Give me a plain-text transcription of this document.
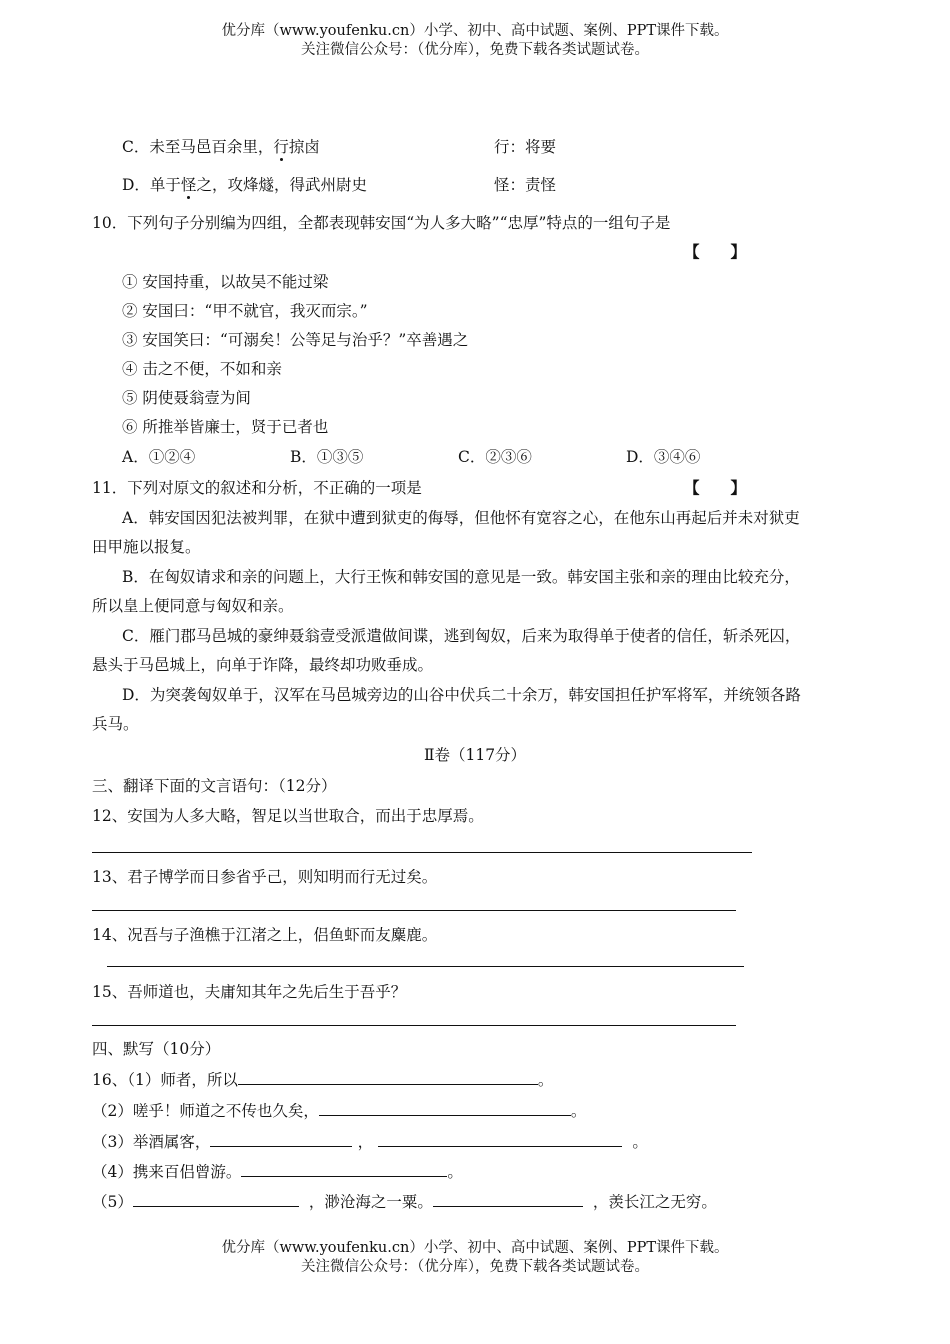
优分库（www.youfenku.cn）小学、初中、高中试题、案例、PPT课件下载。
关注微信公众号：（优分库），免费下载各类试题试卷。
C．未至马邑百余里，行掠卤	行：将要
D．单于怪之，攻烽燧，得武州尉史	怪：责怪
10．下列句子分别编为四组，全都表现韩安国“为人多大略”“忠厚”特点的一组句子是
【　　】
① 安国持重，以故吴不能过梁
② 安国曰：“甲不就官，我灭而宗。”
③ 安国笑曰：“可溺矣！公等足与治乎？”卒善遇之
④ 击之不便，不如和亲
⑤ 阴使聂翁壹为间
⑥ 所推举皆廉士，贤于已者也
A．①②④	B．①③⑤	C．②③⑥	D．③④⑥
11．下列对原文的叙述和分析，不正确的一项是	【　　】
A．韩安国因犯法被判罪，在狱中遭到狱吏的侮辱，但他怀有宽容之心，在他东山再起后并未对狱吏
田甲施以报复。
B．在匈奴请求和亲的问题上，大行王恢和韩安国的意见是一致。韩安国主张和亲的理由比较充分，
所以皇上便同意与匈奴和亲。
C．雁门郡马邑城的豪绅聂翁壹受派遣做间谍，逃到匈奴，后来为取得单于使者的信任，斩杀死囚，
悬头于马邑城上，向单于诈降，最终却功败垂成。
D．为突袭匈奴单于，汉军在马邑城旁边的山谷中伏兵二十余万，韩安国担任护军将军，并统领各路
兵马。
Ⅱ卷（117分）
三、翻译下面的文言语句：（12分）
12、安国为人多大略，智足以当世取合，而出于忠厚焉。
13、君子博学而日参省乎己，则知明而行无过矣。
14、况吾与子渔樵于江渚之上，侣鱼虾而友麋鹿。
15、吾师道也，夫庸知其年之先后生于吾乎？
四、默写（10分）
16、（1）师者，所以	。
（2）嗟乎！师道之不传也久矣，	。
（3）举酒属客，	，	。
（4）携来百侣曾游。	。
（5）	，渺沧海之一粟。	，羡长江之无穷。
优分库（www.youfenku.cn）小学、初中、高中试题、案例、PPT课件下载。
关注微信公众号：（优分库），免费下载各类试题试卷。
